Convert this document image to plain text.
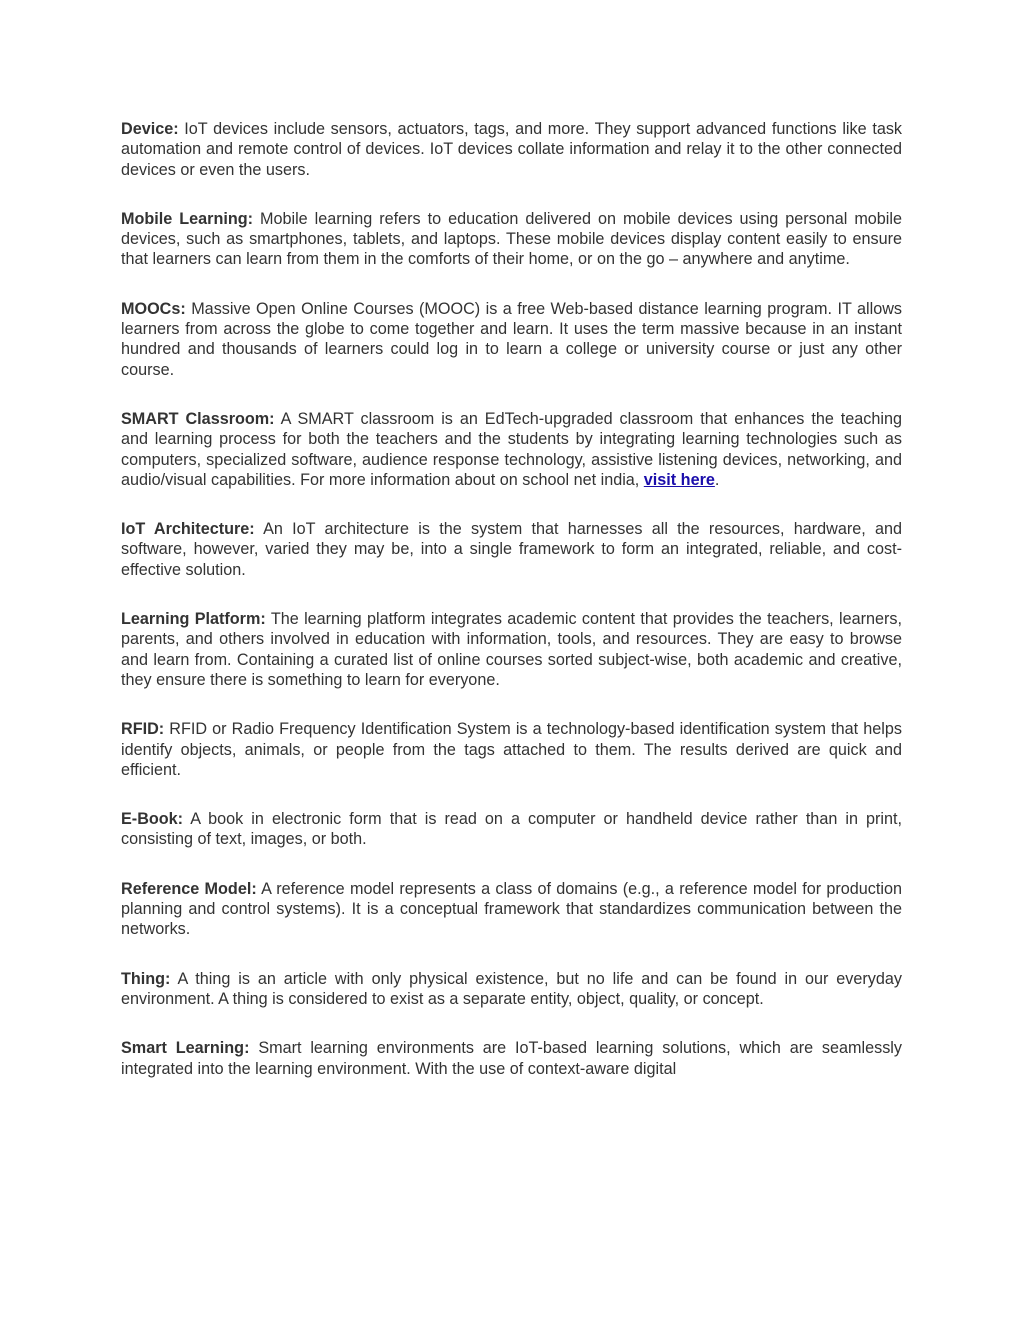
Device: IoT devices include sensors, actuators, tags, and more. They support advanced functions like task automation and remote control of devices. IoT devices collate information and relay it to the other connected devices or even the users.

Mobile Learning: Mobile learning refers to education delivered on mobile devices using personal mobile devices, such as smartphones, tablets, and laptops. These mobile devices display content easily to ensure that learners can learn from them in the comforts of their home, or on the go – anywhere and anytime.

MOOCs: Massive Open Online Courses (MOOC) is a free Web-based distance learning program. IT allows learners from across the globe to come together and learn. It uses the term massive because in an instant hundred and thousands of learners could log in to learn a college or university course or just any other course.

SMART Classroom: A SMART classroom is an EdTech-upgraded classroom that enhances the teaching and learning process for both the teachers and the students by integrating learning technologies such as computers, specialized software, audience response technology, assistive listening devices, networking, and audio/visual capabilities. For more information about on school net india, visit here.

IoT Architecture: An IoT architecture is the system that harnesses all the resources, hardware, and software, however, varied they may be, into a single framework to form an integrated, reliable, and cost-effective solution.

Learning Platform: The learning platform integrates academic content that provides the teachers, learners, parents, and others involved in education with information, tools, and resources. They are easy to browse and learn from. Containing a curated list of online courses sorted subject-wise, both academic and creative, they ensure there is something to learn for everyone.

RFID: RFID or Radio Frequency Identification System is a technology-based identification system that helps identify objects, animals, or people from the tags attached to them. The results derived are quick and efficient.

E-Book: A book in electronic form that is read on a computer or handheld device rather than in print, consisting of text, images, or both.

Reference Model: A reference model represents a class of domains (e.g., a reference model for production planning and control systems). It is a conceptual framework that standardizes communication between the networks.

Thing: A thing is an article with only physical existence, but no life and can be found in our everyday environment. A thing is considered to exist as a separate entity, object, quality, or concept.

Smart Learning: Smart learning environments are IoT-based learning solutions, which are seamlessly integrated into the learning environment. With the use of context-aware digital
